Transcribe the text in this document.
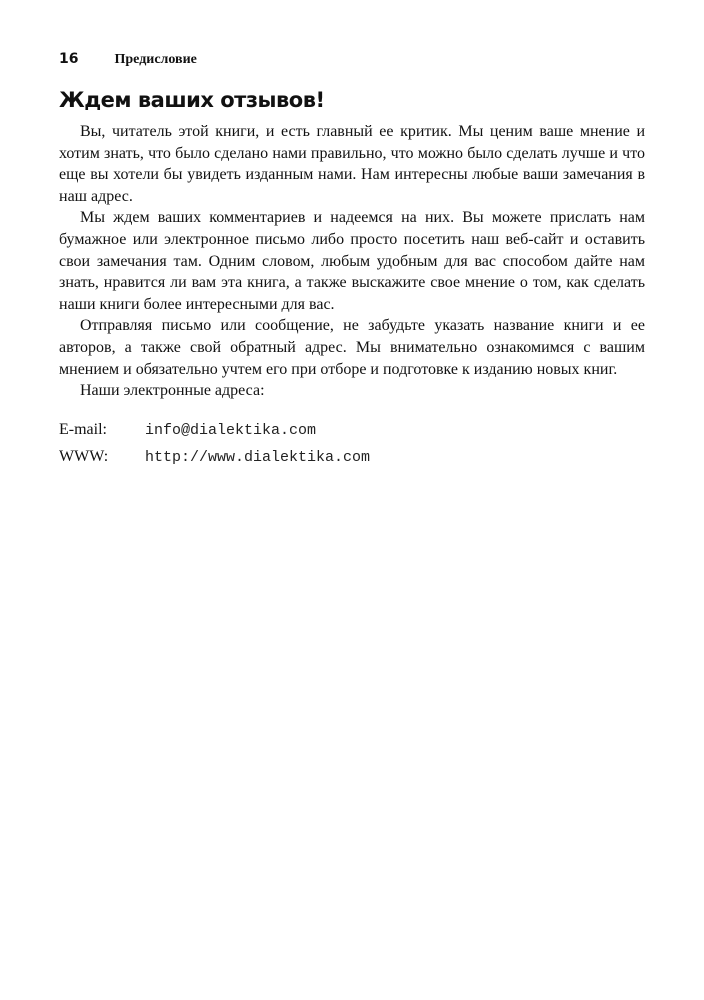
16	Предисловие
Ждем ваших отзывов!

Вы, читатель этой книги, и есть главный ее критик. Мы ценим ваше мнение и хотим знать, что было сделано нами правильно, что можно было сделать лучше и что еще вы хотели бы увидеть изданным нами. Нам интересны любые ваши замечания в наш адрес.

Мы ждем ваших комментариев и надеемся на них. Вы можете прислать нам бумажное или электронное письмо либо просто посетить наш веб-сайт и оставить свои замечания там. Одним словом, любым удобным для вас способом дайте нам знать, нравится ли вам эта книга, а также выскажите свое мнение о том, как сделать наши книги более интересными для вас.

Отправляя письмо или сообщение, не забудьте указать название книги и ее авторов, а также свой обратный адрес. Мы внимательно ознакомимся с вашим мнением и обязательно учтем его при отборе и подготовке к изданию новых книг.

Наши электронные адреса:

E-mail:	info@dialektika.com
WWW:	http://www.dialektika.com
